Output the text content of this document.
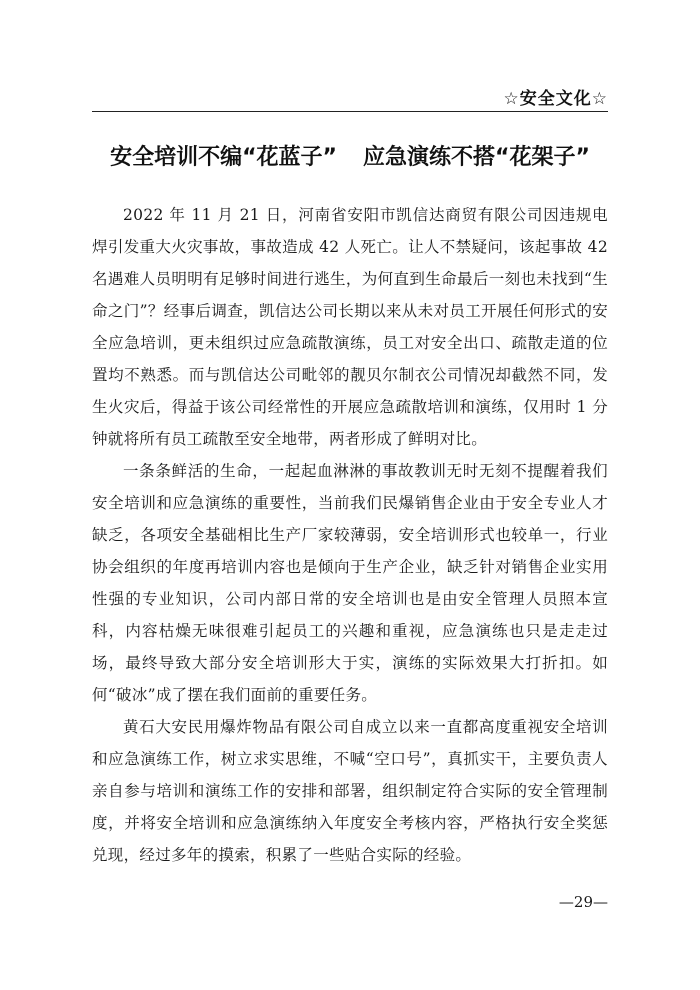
☆安全文化☆
安全培训不编“花蓝子” 应急演练不搭“花架子”

2022 年 11 月 21 日，河南省安阳市凯信达商贸有限公司因违规电焊引发重大火灾事故，事故造成 42 人死亡。让人不禁疑问，该起事故 42 名遇难人员明明有足够时间进行逃生，为何直到生命最后一刻也未找到“生命之门”？经事后调查，凯信达公司长期以来从未对员工开展任何形式的安全应急培训，更未组织过应急疏散演练，员工对安全出口、疏散走道的位置均不熟悉。而与凯信达公司毗邻的靓贝尔制衣公司情况却截然不同，发生火灾后，得益于该公司经常性的开展应急疏散培训和演练，仅用时 1 分钟就将所有员工疏散至安全地带，两者形成了鲜明对比。

一条条鲜活的生命，一起起血淋淋的事故教训无时无刻不提醒着我们安全培训和应急演练的重要性，当前我们民爆销售企业由于安全专业人才缺乏，各项安全基础相比生产厂家较薄弱，安全培训形式也较单一，行业协会组织的年度再培训内容也是倾向于生产企业，缺乏针对销售企业实用性强的专业知识，公司内部日常的安全培训也是由安全管理人员照本宣科，内容枯燥无味很难引起员工的兴趣和重视，应急演练也只是走走过场，最终导致大部分安全培训形大于实，演练的实际效果大打折扣。如何“破冰”成了摆在我们面前的重要任务。

黄石大安民用爆炸物品有限公司自成立以来一直都高度重视安全培训和应急演练工作，树立求实思维，不喊“空口号”，真抓实干，主要负责人亲自参与培训和演练工作的安排和部署，组织制定符合实际的安全管理制度，并将安全培训和应急演练纳入年度安全考核内容，严格执行安全奖惩兑现，经过多年的摸索，积累了一些贴合实际的经验。

—29—
